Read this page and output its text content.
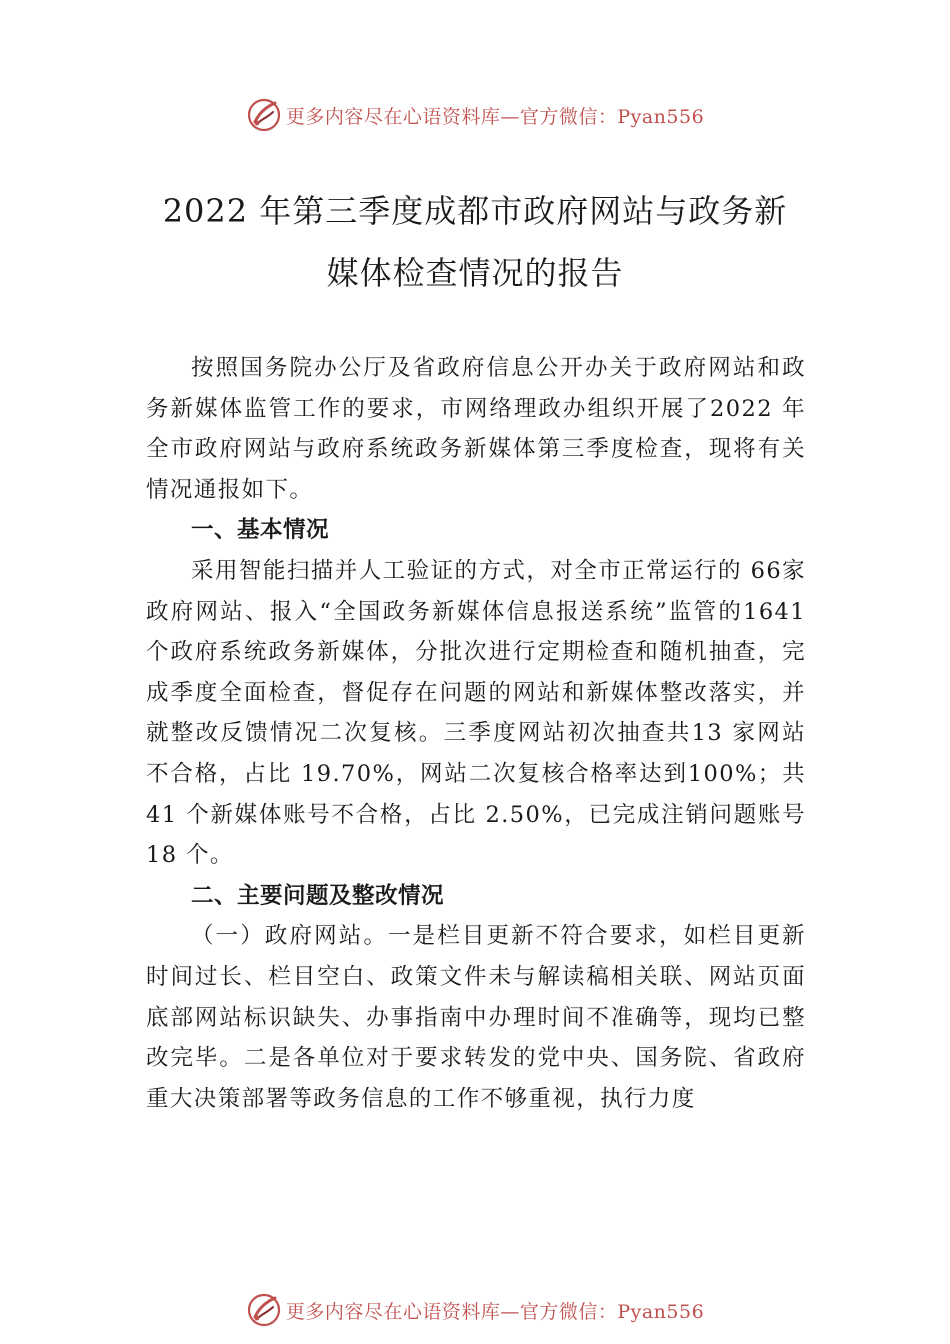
更多内容尽在心语资料库—官方微信：Pyan556
2022 年第三季度成都市政府网站与政务新
媒体检查情况的报告

按照国务院办公厅及省政府信息公开办关于政府网站和政务新媒体监管工作的要求，市网络理政办组织开展了2022 年全市政府网站与政府系统政务新媒体第三季度检查，现将有关情况通报如下。

一、基本情况

采用智能扫描并人工验证的方式，对全市正常运行的 66家政府网站、报入“全国政务新媒体信息报送系统”监管的1641 个政府系统政务新媒体，分批次进行定期检查和随机抽查，完成季度全面检查，督促存在问题的网站和新媒体整改落实，并就整改反馈情况二次复核。三季度网站初次抽查共13 家网站不合格，占比 19.70%，网站二次复核合格率达到100%；共 41 个新媒体账号不合格，占比 2.50%，已完成注销问题账号 18 个。

二、主要问题及整改情况

（一）政府网站。一是栏目更新不符合要求，如栏目更新时间过长、栏目空白、政策文件未与解读稿相关联、网站页面底部网站标识缺失、办事指南中办理时间不准确等，现均已整改完毕。二是各单位对于要求转发的党中央、国务院、省政府重大决策部署等政务信息的工作不够重视，执行力度

更多内容尽在心语资料库—官方微信：Pyan556
